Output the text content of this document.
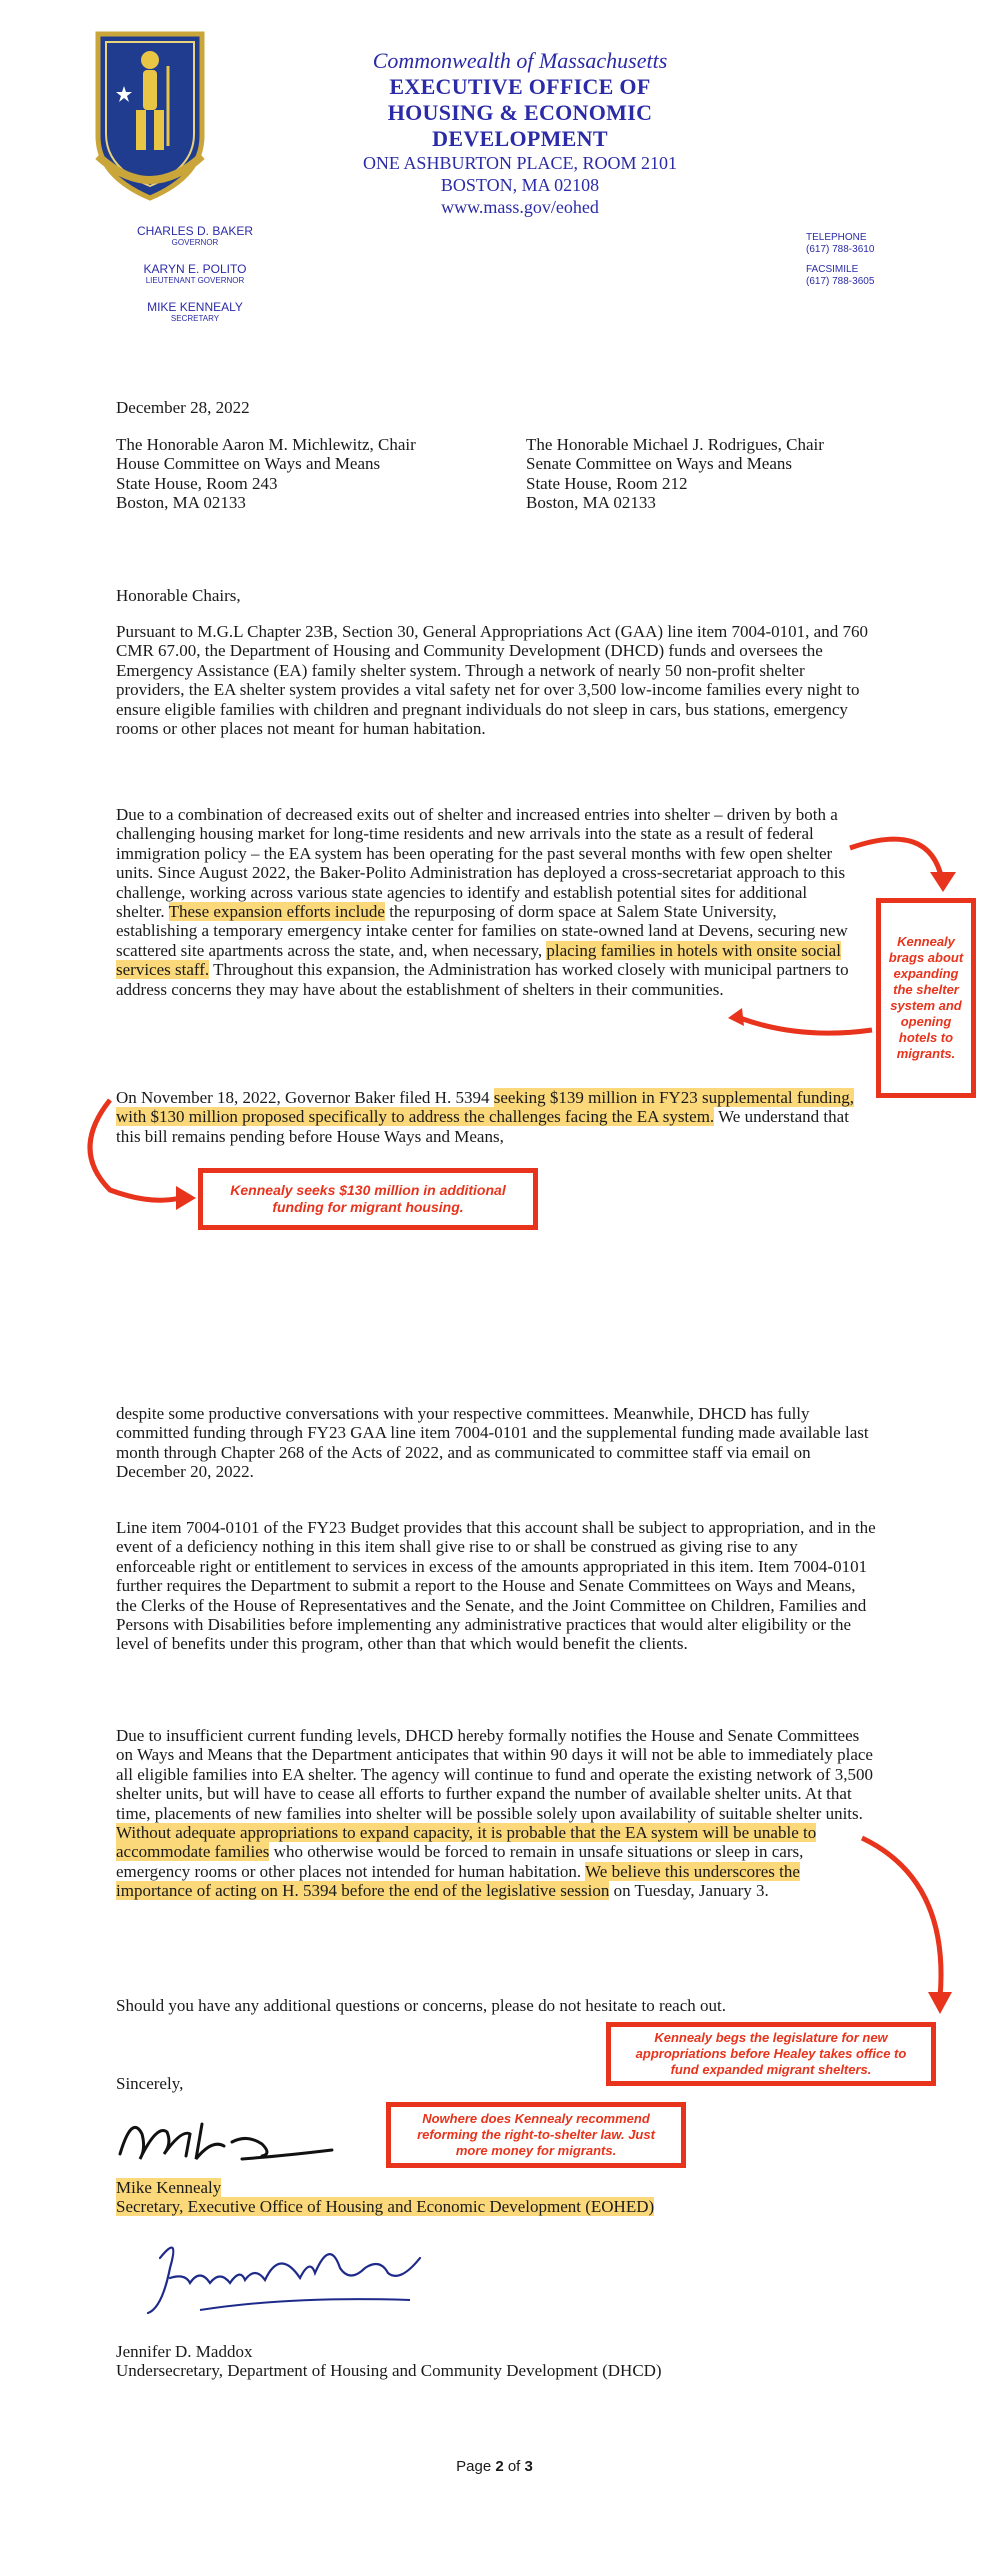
Commonwealth of Massachusetts
EXECUTIVE OFFICE OF
HOUSING & ECONOMIC DEVELOPMENT
ONE ASHBURTON PLACE, ROOM 2101
BOSTON, MA 02108
www.mass.gov/eohed
CHARLES D. BAKER
GOVERNOR
KARYN E. POLITO
LIEUTENANT GOVERNOR
MIKE KENNEALY
SECRETARY
TELEPHONE
(617) 788-3610
FACSIMILE
(617) 788-3605
December 28, 2022
The Honorable Aaron M. Michlewitz, Chair
House Committee on Ways and Means
State House, Room 243
Boston, MA 02133
The Honorable Michael J. Rodrigues, Chair
Senate Committee on Ways and Means
State House, Room 212
Boston, MA 02133
Honorable Chairs,
Pursuant to M.G.L Chapter 23B, Section 30, General Appropriations Act (GAA) line item 7004-0101, and 760 CMR 67.00, the Department of Housing and Community Development (DHCD) funds and oversees the Emergency Assistance (EA) family shelter system. Through a network of nearly 50 non-profit shelter providers, the EA shelter system provides a vital safety net for over 3,500 low-income families every night to ensure eligible families with children and pregnant individuals do not sleep in cars, bus stations, emergency rooms or other places not meant for human habitation.
Due to a combination of decreased exits out of shelter and increased entries into shelter – driven by both a challenging housing market for long-time residents and new arrivals into the state as a result of federal immigration policy – the EA system has been operating for the past several months with few open shelter units. Since August 2022, the Baker-Polito Administration has deployed a cross-secretariat approach to this challenge, working across various state agencies to identify and establish potential sites for additional shelter. These expansion efforts include the repurposing of dorm space at Salem State University, establishing a temporary emergency intake center for families on state-owned land at Devens, securing new scattered site apartments across the state, and, when necessary, placing families in hotels with onsite social services staff. Throughout this expansion, the Administration has worked closely with municipal partners to address concerns they may have about the establishment of shelters in their communities.
On November 18, 2022, Governor Baker filed H. 5394 seeking $139 million in FY23 supplemental funding, with $130 million proposed specifically to address the challenges facing the EA system. We understand that this bill remains pending before House Ways and Means,
despite some productive conversations with your respective committees. Meanwhile, DHCD has fully committed funding through FY23 GAA line item 7004-0101 and the supplemental funding made available last month through Chapter 268 of the Acts of 2022, and as communicated to committee staff via email on December 20, 2022.
Line item 7004-0101 of the FY23 Budget provides that this account shall be subject to appropriation, and in the event of a deficiency nothing in this item shall give rise to or shall be construed as giving rise to any enforceable right or entitlement to services in excess of the amounts appropriated in this item. Item 7004-0101 further requires the Department to submit a report to the House and Senate Committees on Ways and Means, the Clerks of the House of Representatives and the Senate, and the Joint Committee on Children, Families and Persons with Disabilities before implementing any administrative practices that would alter eligibility or the level of benefits under this program, other than that which would benefit the clients.
Due to insufficient current funding levels, DHCD hereby formally notifies the House and Senate Committees on Ways and Means that the Department anticipates that within 90 days it will not be able to immediately place all eligible families into EA shelter. The agency will continue to fund and operate the existing network of 3,500 shelter units, but will have to cease all efforts to further expand the number of available shelter units. At that time, placements of new families into shelter will be possible solely upon availability of suitable shelter units. Without adequate appropriations to expand capacity, it is probable that the EA system will be unable to accommodate families who otherwise would be forced to remain in unsafe situations or sleep in cars, emergency rooms or other places not intended for human habitation. We believe this underscores the importance of acting on H. 5394 before the end of the legislative session on Tuesday, January 3.
Should you have any additional questions or concerns, please do not hesitate to reach out.
Sincerely,
Mike Kennealy
Secretary, Executive Office of Housing and Economic Development (EOHED)
Jennifer D. Maddox
Undersecretary, Department of Housing and Community Development (DHCD)
Kennealy brags about expanding the shelter system and opening hotels to migrants.
Kennealy seeks $130 million in additional funding for migrant housing.
Kennealy begs the legislature for new appropriations before Healey takes office to fund expanded migrant shelters.
Nowhere does Kennealy recommend reforming the right-to-shelter law. Just more money for migrants.
Page 2 of 3
